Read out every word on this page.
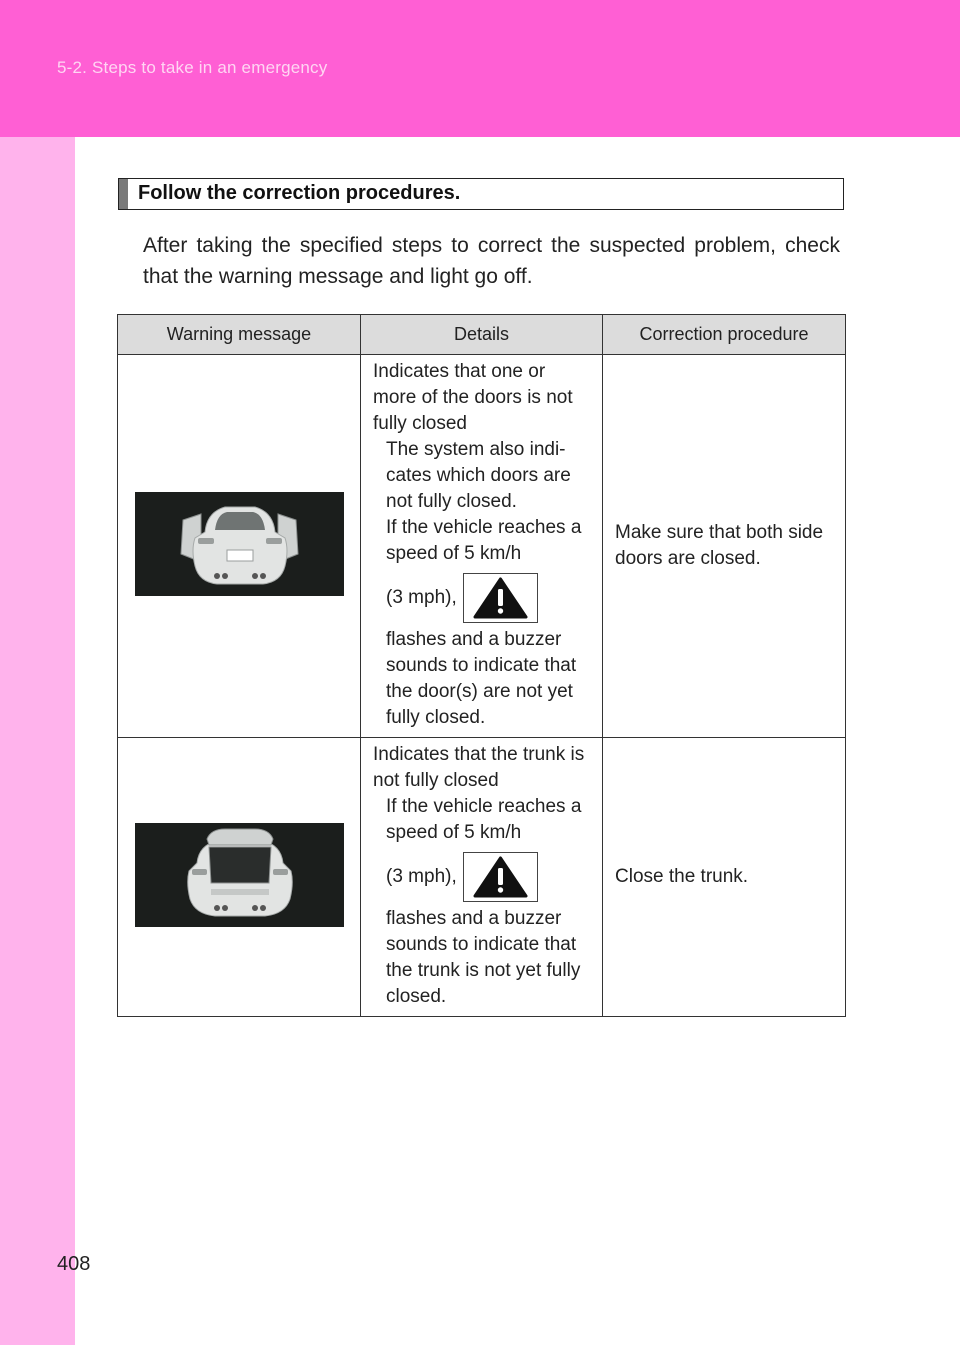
5-2. Steps to take in an emergency
Follow the correction procedures.
After taking the specified steps to correct the suspected problem, check that the warning message and light go off.
Warning message	Details	Correction procedure

Indicates that one or more of the doors is not fully closed
The system also indi-cates which doors are not fully closed.
If the vehicle reaches a speed of 5 km/h
(3 mph),
flashes and a buzzer sounds to indicate that the door(s) are not yet fully closed.	Make sure that both side doors are closed.

Indicates that the trunk is not fully closed
If the vehicle reaches a speed of 5 km/h
(3 mph),
flashes and a buzzer sounds to indicate that the trunk is not yet fully closed.	Close the trunk.
408
